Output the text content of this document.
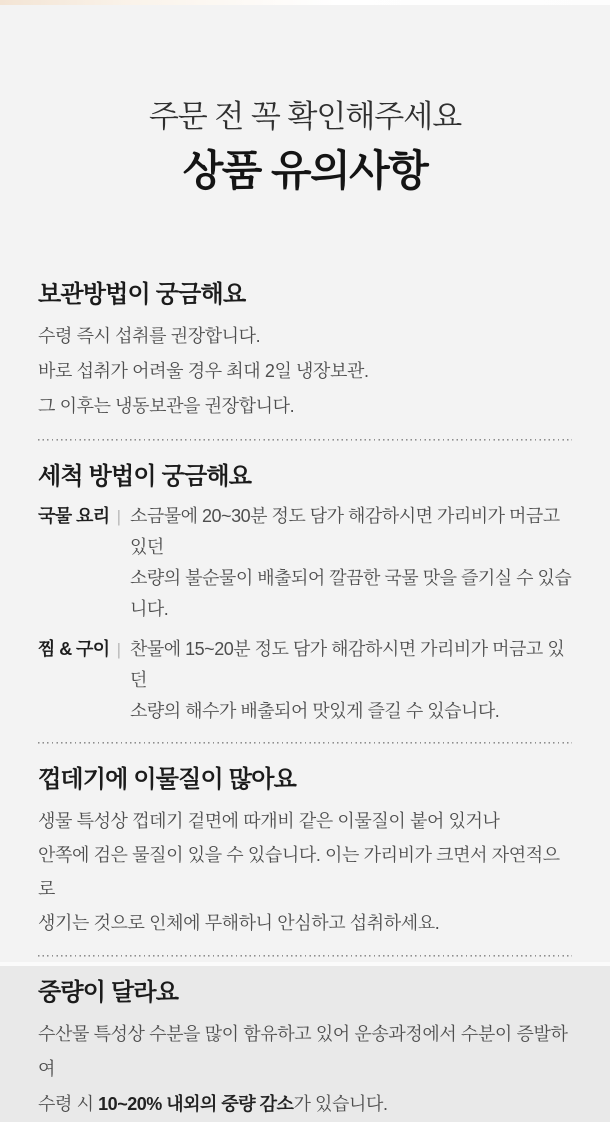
주문 전 꼭 확인해주세요
상품 유의사항
보관방법이 궁금해요
수령 즉시 섭취를 권장합니다.
바로 섭취가 어려울 경우 최대 2일 냉장보관.
그 이후는 냉동보관을 권장합니다.
세척 방법이 궁금해요
국물 요리 | 소금물에 20~30분 정도 담가 해감하시면 가리비가 머금고 있던
소량의 불순물이 배출되어 깔끔한 국물 맛을 즐기실 수 있습니다.
찜 & 구이 | 찬물에 15~20분 정도 담가 해감하시면 가리비가 머금고 있던
소량의 해수가 배출되어 맛있게 즐길 수 있습니다.
껍데기에 이물질이 많아요
생물 특성상 껍데기 겉면에 따개비 같은 이물질이 붙어 있거나
안쪽에 검은 물질이 있을 수 있습니다. 이는 가리비가 크면서 자연적으로
생기는 것으로 인체에 무해하니 안심하고 섭취하세요.
중량이 달라요
수산물 특성상 수분을 많이 함유하고 있어 운송과정에서 수분이 증발하여
수령 시 10~20% 내외의 중량 감소가 있습니다.
